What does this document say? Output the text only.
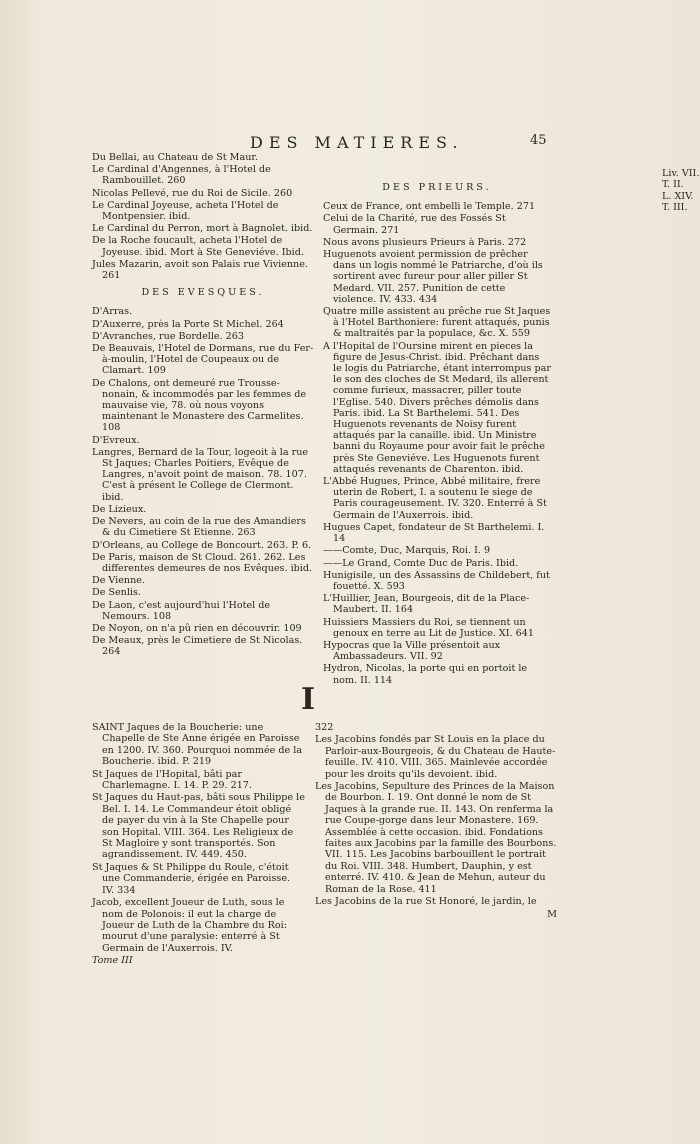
DES MATIERES.	45
Du Bellai, au Chateau de St Maur.
Le Cardinal d'Angennes, à l'Hotel de Rambouillet. 260
Nicolas Pellevé, rue du Roi de Sicile. 260
Le Cardinal Joyeuse, acheta l'Hotel de Montpensier. ibid.
Le Cardinal du Perron, mort à Bagnolet. ibid.
De la Roche foucault, acheta l'Hotel de Joyeuse. ibid. Mort à Ste Geneviéve. Ibid.
Jules Mazarin, avoit son Palais rue Vivienne. 261
DES EVESQUES.
D'Arras.
D'Auxerre, près la Porte St Michel. 264
D'Avranches, rue Bordelle. 263
De Beauvais, l'Hotel de Dormans, rue du Fer-à-moulin, l'Hotel de Coupeaux ou de Clamart. 109
De Chalons, ont demeuré rue Trousse-nonain, & incommodés par les femmes de mauvaise vie, 78. où nous voyons maintenant le Monastere des Carmelites. 108
D'Evreux.
Langres, Bernard de la Tour, logeoit à la rue St Jaques; Charles Poitiers, Evêque de Langres, n'avoit point de maison. 78. 107. C'est à présent le College de Clermont. ibid.
De Lizieux.
De Nevers, au coin de la rue des Amandiers & du Cimetiere St Etienne. 263
D'Orleans, au College de Boncourt. 263. P. 6.
De Paris, maison de St Cloud. 261. 262. Les differentes demeures de nos Evêques. ibid.
De Vienne.
De Senlis.
De Laon, c'est aujourd'hui l'Hotel de Nemours. 108
De Noyon, on n'a pû rien en découvrir. 109
De Meaux, près le Cimetiere de St Nicolas. 264
DES PRIEURS.
Ceux de France, ont embelli le Temple. 271
Celui de la Charité, rue des Fossés St Germain. 271
Nous avons plusieurs Prieurs à Paris. 272
Huguenots avoient permission de prêcher dans un logis nommé le Patriarche, d'où ils sortirent avec fureur pour aller piller St Medard. VII. 257. Punition de cette violence. IV. 433. 434
Quatre mille assistent au prêche rue St Jaques à l'Hotel Barthoniere: furent attaqués, punis & maltraités par la populace, &c. X. 559
A l'Hopital de l'Oursine mirent en pieces la figure de Jesus-Christ. ibid. Prêchant dans le logis du Patriarche, étant interrompus par le son des cloches de St Medard, ils allerent comme furieux, massacrer, piller toute l'Eglise. 540. Divers prêches démolis dans Paris. ibid. La St Barthelemi. 541. Des Huguenots revenants de Noisy furent attaqués par la canaille. ibid. Un Ministre banni du Royaume pour avoir fait le prêche près Ste Geneviéve. Les Huguenots furent attaqués revenants de Charenton. ibid.
L'Abbé Hugues, Prince, Abbé militaire, frere uterin de Robert, I. a soutenu le siege de Paris courageusement. IV. 320. Enterré à St Germain de l'Auxerrois. ibid.
Hugues Capet, fondateur de St Barthelemi. I. 14
——Comte, Duc, Marquis, Roi. I. 9
——Le Grand, Comte Duc de Paris. Ibid.
Hunigisile, un des Assassins de Childebert, fut fouetté. X. 593
L'Huillier, Jean, Bourgeois, dit de la Place-Maubert. II. 164
Huissiers Massiers du Roi, se tiennent un genoux en terre au Lit de Justice. XI. 641
Hypocras que la Ville présentoit aux Ambassadeurs. VII. 92
Hydron, Nicolas, la porte qui en portoit le nom. II. 114
Liv. VII.
T. II.
L. XIV.
T. III.
I
SAINT Jaques de la Boucherie: une Chapelle de Ste Anne érigée en Paroisse en 1200. IV. 360. Pourquoi nommée de la Boucherie. ibid. P. 219
St Jaques de l'Hopital, bâti par Charlemagne. I. 14. P. 29. 217.
St Jaques du Haut-pas, bâti sous Philippe le Bel. I. 14. Le Commandeur étoit obligé de payer du vin à la Ste Chapelle pour son Hopital. VIII. 364. Les Religieux de St Magloire y sont transportés. Son agrandissement. IV. 449. 450.
St Jaques & St Philippe du Roule, c'étoit une Commanderie, érigée en Paroisse. IV. 334
Jacob, excellent Joueur de Luth, sous le nom de Polonois: il eut la charge de Joueur de Luth de la Chambre du Roi: mourut d'une paralysie: enterré à St Germain de l'Auxerrois. IV.
Tome III
322
Les Jacobins fondés par St Louis en la place du Parloir-aux-Bourgeois, & du Chateau de Haute-feuille. IV. 410. VIII. 365. Mainlevée accordée pour les droits qu'ils devoient. ibid.
Les Jacobins, Sepulture des Princes de la Maison de Bourbon. I. 19. Ont donné le nom de St Jaques à la grande rue. II. 143. On renferma la rue Coupe-gorge dans leur Monastere. 169. Assemblée à cette occasion. ibid. Fondations faites aux Jacobins par la famille des Bourbons. VII. 115. Les Jacobins barbouillent le portrait du Roi. VIII. 348. Humbert, Dauphin, y est enterré. IV. 410. & Jean de Mehun, auteur du Roman de la Rose. 411
Les Jacobins de la rue St Honoré, le jardin, le
M
